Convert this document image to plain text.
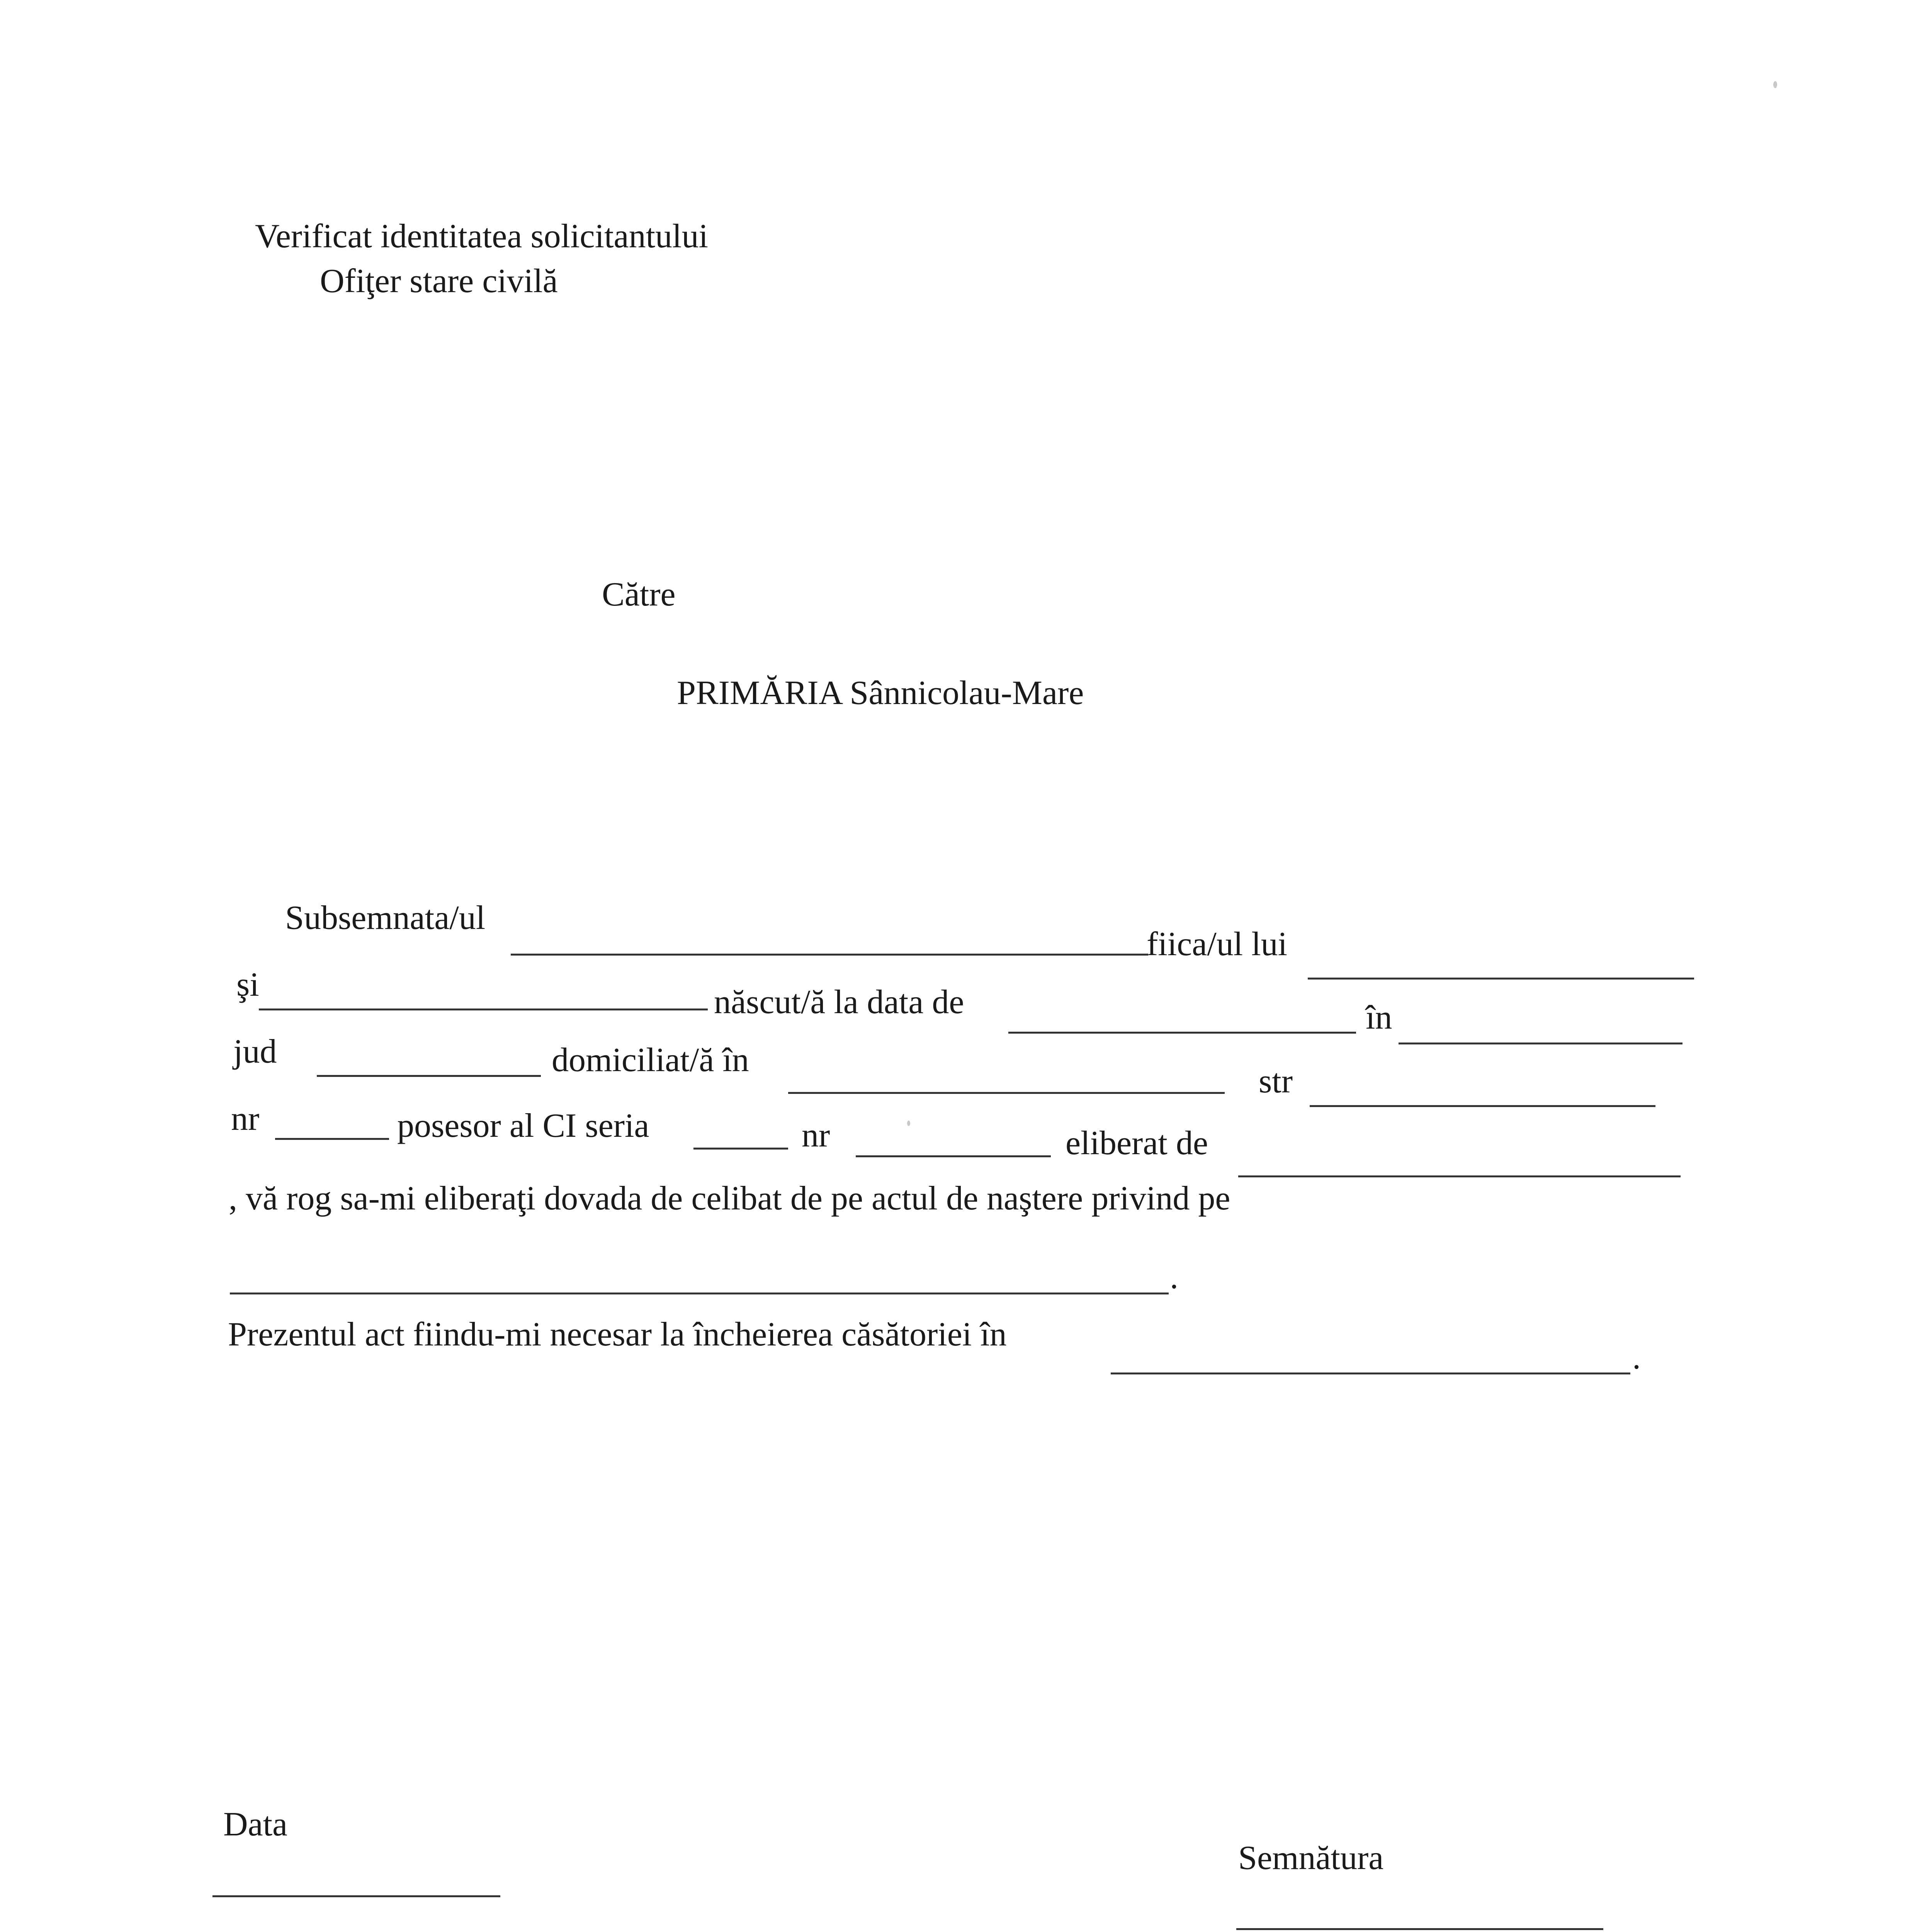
Verificat identitatea solicitantului
Ofiţer stare civilă
Către
PRIMĂRIA Sânnicolau-Mare
Subsemnata/ul
fiica/ul lui
şi	născut/ă la data de	în
jud	domiciliat/ă în
str
nr	posesor al CI seria	nr	eliberat de
, vă rog sa-mi eliberaţi dovada de celibat de pe actul de naştere privind pe
.
Prezentul act fiindu-mi necesar la încheierea căsătoriei în
.
Data
Semnătura
